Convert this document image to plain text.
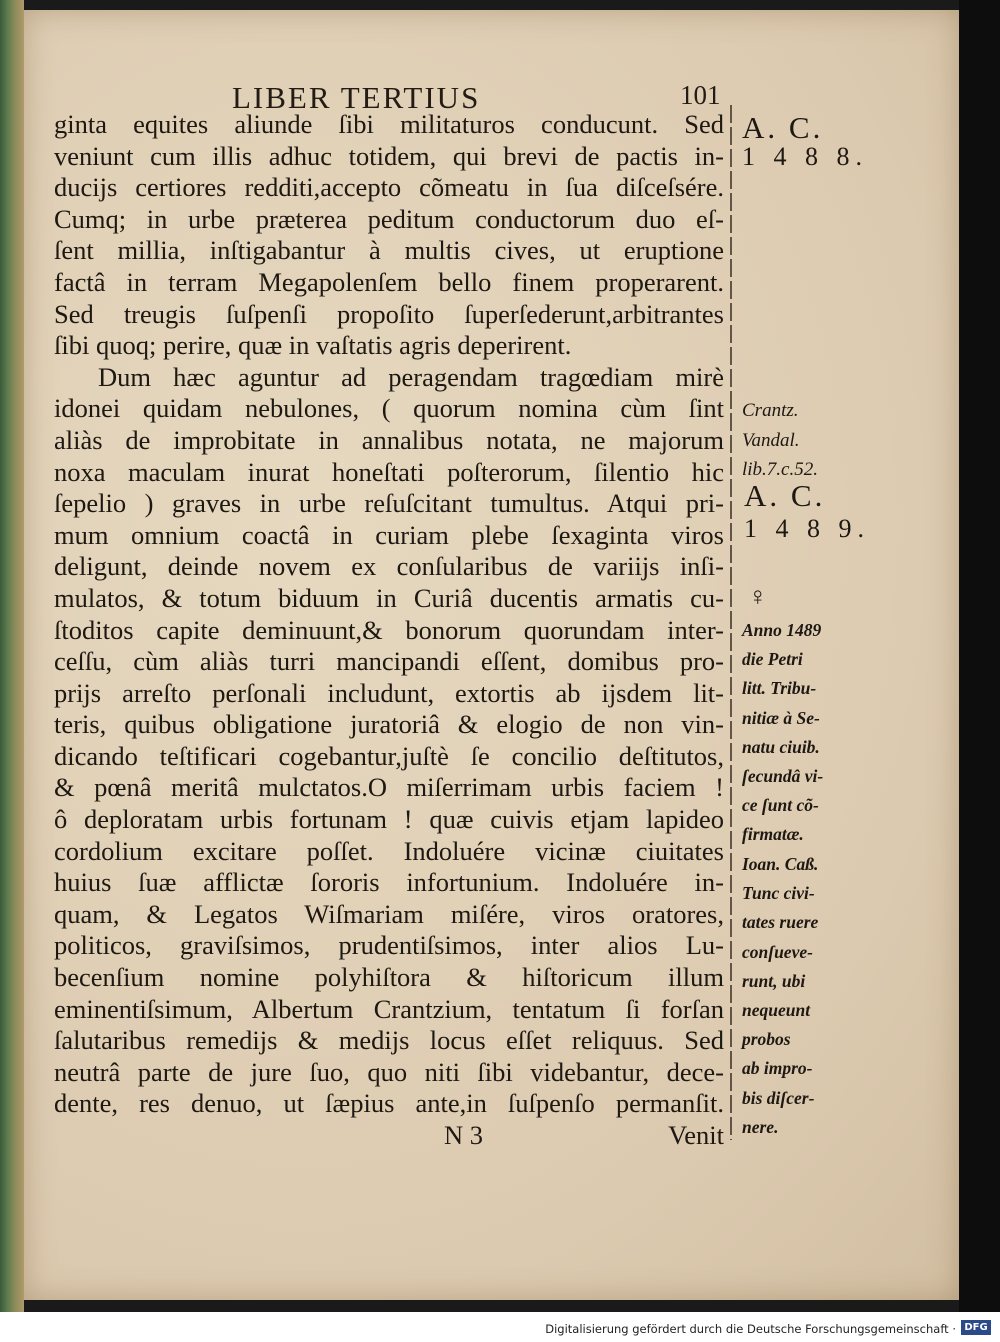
LIBER TERTIUS	101
ginta equites aliunde ſibi militaturos conducunt. Sed
veniunt cum illis adhuc totidem, qui brevi de pactis in-
ducijs certiores redditi,accepto cõmeatu in ſua diſceſsére.
Cumq; in urbe præterea peditum conductorum duo eſ-
ſent millia, inſtigabantur à multis cives, ut eruptione
factâ in terram Megapolenſem bello finem properarent.
Sed treugis ſuſpenſi propoſito ſuperſederunt,arbitrantes
ſibi quoq; perire, quæ in vaſtatis agris deperirent.
Dum hæc aguntur ad peragendam tragœdiam mirè
idonei quidam nebulones, ( quorum nomina cùm ſint
aliàs de improbitate in annalibus notata, ne majorum
noxa maculam inurat honeſtati poſterorum, ſilentio hic
ſepelio ) graves in urbe reſuſcitant tumultus. Atqui pri-
mum omnium coactâ in curiam plebe ſexaginta viros
deligunt, deinde novem ex conſularibus de variijs inſi-
mulatos, & totum biduum in Curiâ ducentis armatis cu-
ſtoditos capite deminuunt,& bonorum quorundam inter-
ceſſu, cùm aliàs turri mancipandi eſſent, domibus pro-
prijs arreſto perſonali includunt, extortis ab ijsdem lit-
teris, quibus obligatione juratoriâ & elogio de non vin-
dicando teſtificari cogebantur,juſtè ſe concilio deſtitutos,
& pœnâ meritâ mulctatos.O miſerrimam urbis faciem !
ô deploratam urbis fortunam ! quæ cuivis etjam lapideo
cordolium excitare poſſet. Indoluére vicinæ ciuitates
huius ſuæ afflictæ ſororis infortunium. Indoluére in-
quam, & Legatos Wiſmariam miſére, viros oratores,
politicos, graviſsimos, prudentiſsimos, inter alios Lu-
becenſium nomine polyhiſtora & hiſtoricum illum
eminentiſsimum, Albertum Crantzium, tentatum ſi forſan
ſalutaribus remedijs & medijs locus eſſet reliquus. Sed
neutrâ parte de jure ſuo, quo niti ſibi videbantur, dece-
dente, res denuo, ut ſæpius ante,in ſuſpenſo permanſit.
N 3	Venit
A. C.
1 4 8 8.
Crantz.
Vandal.
lib.7.c.52.
A. C.
1 4 8 9.
♀
Anno 1489
die Petri
litt. Tribu-
nitiæ à Se-
natu ciuib.
ſecundâ vi-
ce ſunt cõ-
firmatæ.
Ioan. Caß.
Tunc civi-
tates ruere
conſueve-
runt, ubi
nequeunt
probos
ab impro-
bis diſcer-
nere.
Digitalisierung gefördert durch die Deutsche Forschungsgemeinschaft · DFG
